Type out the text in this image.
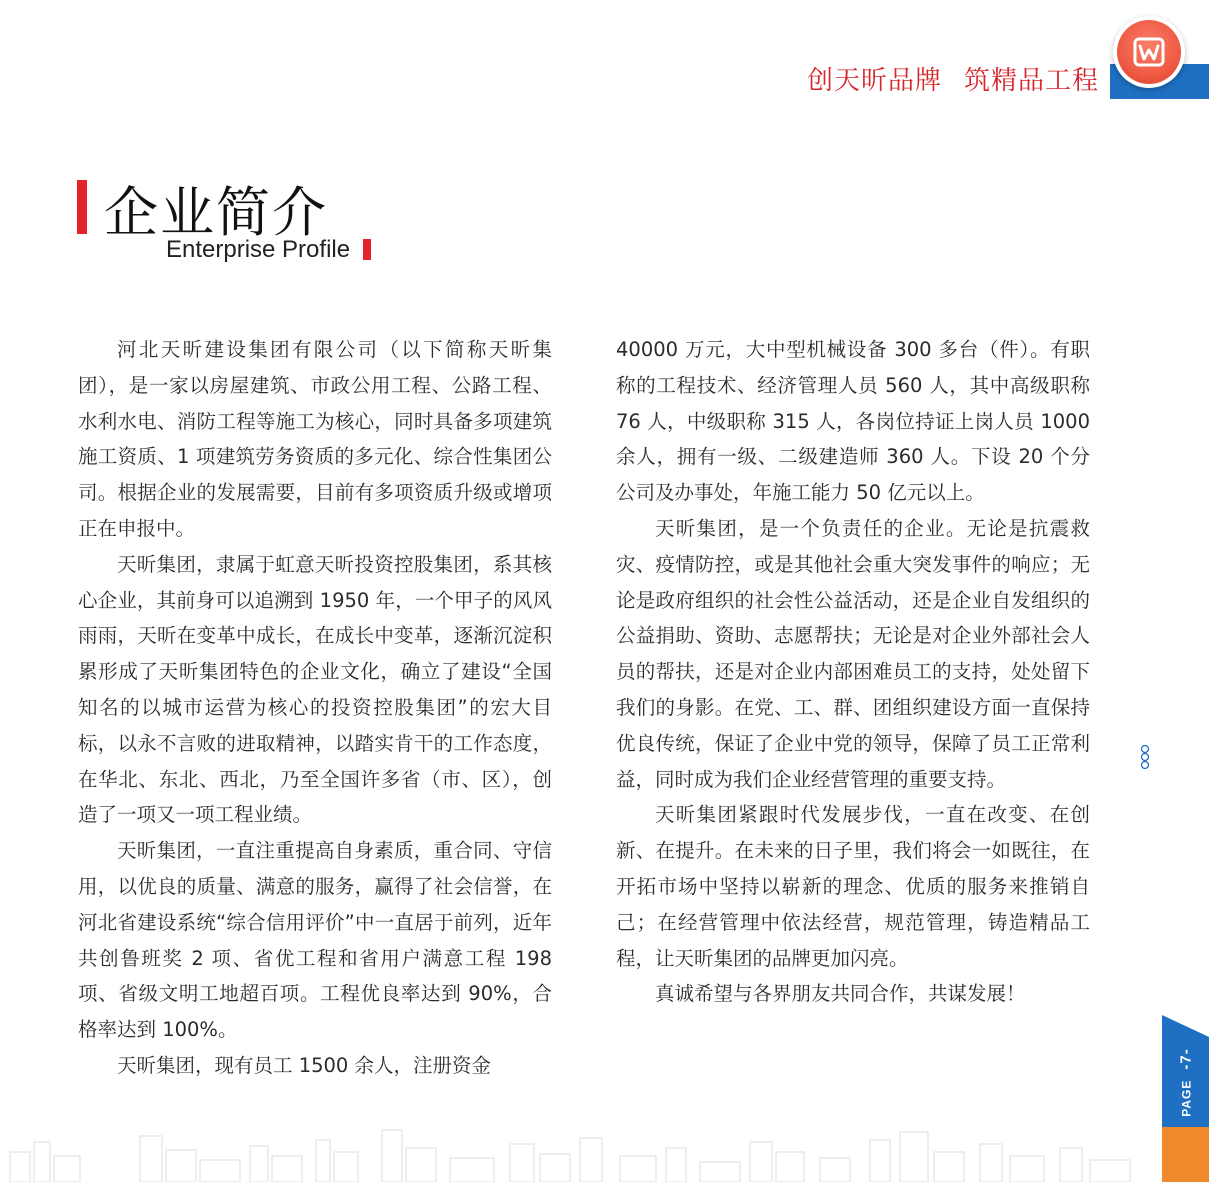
创天昕品牌 筑精品工程
企业简介
Enterprise Profile

河北天昕建设集团有限公司（以下简称天昕集团），是一家以房屋建筑、市政公用工程、公路工程、水利水电、消防工程等施工为核心，同时具备多项建筑施工资质、1 项建筑劳务资质的多元化、综合性集团公司。根据企业的发展需要，目前有多项资质升级或增项正在申报中。

天昕集团，隶属于虹意天昕投资控股集团，系其核心企业，其前身可以追溯到 1950 年，一个甲子的风风雨雨，天昕在变革中成长，在成长中变革，逐渐沉淀积累形成了天昕集团特色的企业文化，确立了建设“全国知名的以城市运营为核心的投资控股集团”的宏大目标，以永不言败的进取精神，以踏实肯干的工作态度，在华北、东北、西北，乃至全国许多省（市、区），创造了一项又一项工程业绩。

天昕集团，一直注重提高自身素质，重合同、守信用，以优良的质量、满意的服务，赢得了社会信誉，在河北省建设系统“综合信用评价”中一直居于前列，近年共创鲁班奖 2 项、省优工程和省用户满意工程 198 项、省级文明工地超百项。工程优良率达到 90%，合格率达到 100%。

天昕集团，现有员工 1500 余人，注册资金

40000 万元，大中型机械设备 300 多台（件）。有职称的工程技术、经济管理人员 560 人，其中高级职称 76 人，中级职称 315 人，各岗位持证上岗人员 1000 余人，拥有一级、二级建造师 360 人。下设 20 个分公司及办事处，年施工能力 50 亿元以上。

天昕集团，是一个负责任的企业。无论是抗震救灾、疫情防控，或是其他社会重大突发事件的响应；无论是政府组织的社会性公益活动，还是企业自发组织的公益捐助、资助、志愿帮扶；无论是对企业外部社会人员的帮扶，还是对企业内部困难员工的支持，处处留下我们的身影。在党、工、群、团组织建设方面一直保持优良传统，保证了企业中党的领导，保障了员工正常利益，同时成为我们企业经营管理的重要支持。

天昕集团紧跟时代发展步伐，一直在改变、在创新、在提升。在未来的日子里，我们将会一如既往，在开拓市场中坚持以崭新的理念、优质的服务来推销自己；在经营管理中依法经营，规范管理，铸造精品工程，让天昕集团的品牌更加闪亮。

真诚希望与各界朋友共同合作，共谋发展！

PAGE-7-
